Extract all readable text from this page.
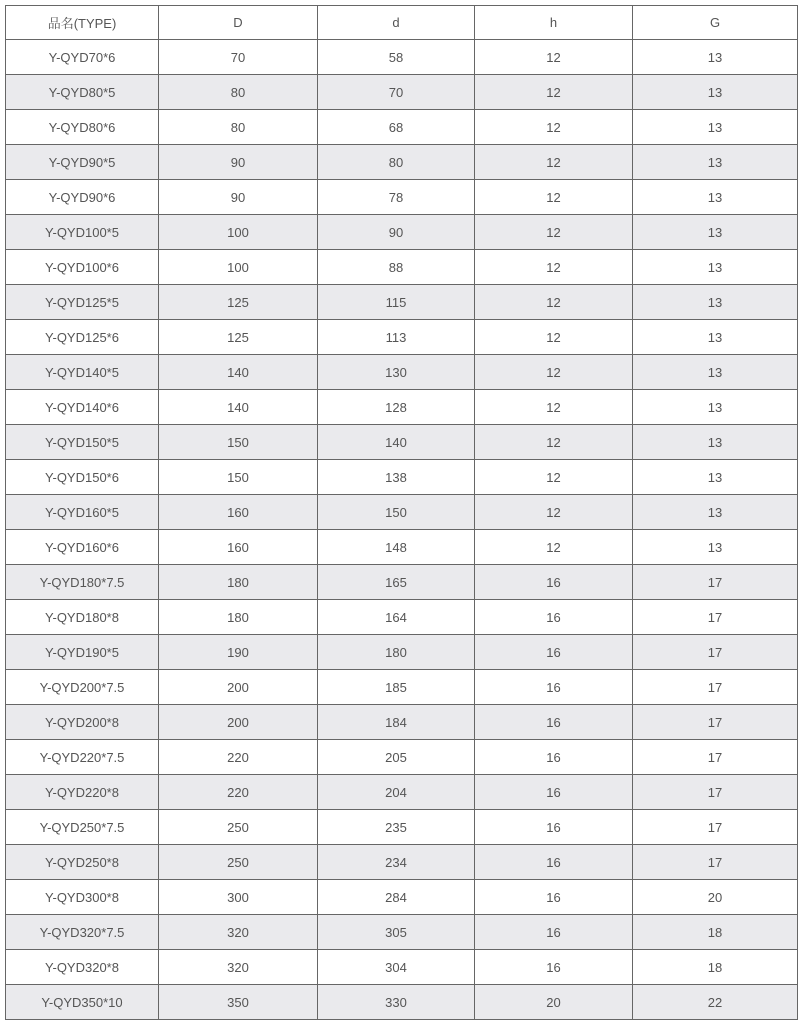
品名(TYPE)	D	d	h	G
Y-QYD70*6	70	58	12	13
Y-QYD80*5	80	70	12	13
Y-QYD80*6	80	68	12	13
Y-QYD90*5	90	80	12	13
Y-QYD90*6	90	78	12	13
Y-QYD100*5	100	90	12	13
Y-QYD100*6	100	88	12	13
Y-QYD125*5	125	115	12	13
Y-QYD125*6	125	113	12	13
Y-QYD140*5	140	130	12	13
Y-QYD140*6	140	128	12	13
Y-QYD150*5	150	140	12	13
Y-QYD150*6	150	138	12	13
Y-QYD160*5	160	150	12	13
Y-QYD160*6	160	148	12	13
Y-QYD180*7.5	180	165	16	17
Y-QYD180*8	180	164	16	17
Y-QYD190*5	190	180	16	17
Y-QYD200*7.5	200	185	16	17
Y-QYD200*8	200	184	16	17
Y-QYD220*7.5	220	205	16	17
Y-QYD220*8	220	204	16	17
Y-QYD250*7.5	250	235	16	17
Y-QYD250*8	250	234	16	17
Y-QYD300*8	300	284	16	20
Y-QYD320*7.5	320	305	16	18
Y-QYD320*8	320	304	16	18
Y-QYD350*10	350	330	20	22
